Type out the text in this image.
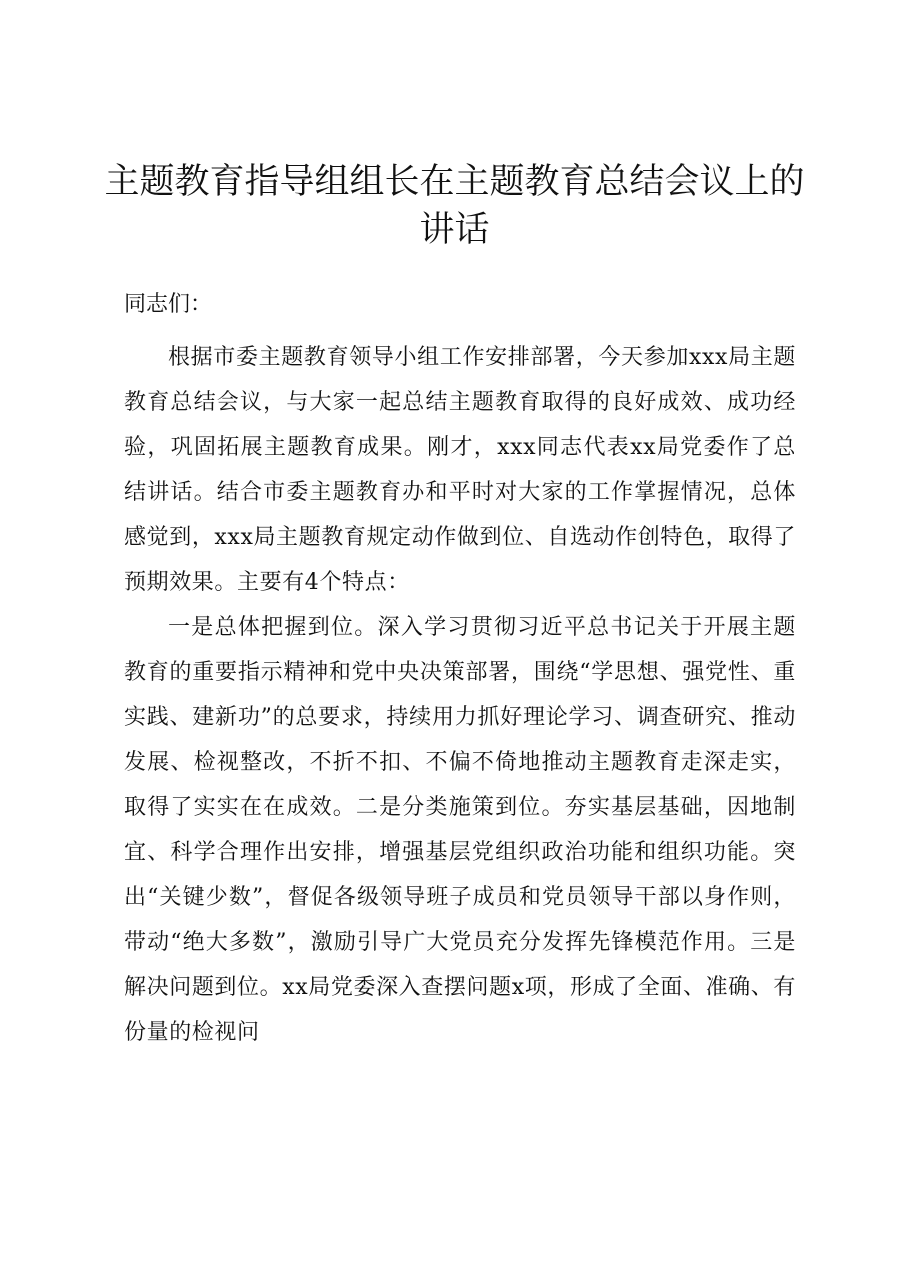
主题教育指导组组长在主题教育总结会议上的讲话

同志们：

根据市委主题教育领导小组工作安排部署，今天参加xxx局主题教育总结会议，与大家一起总结主题教育取得的良好成效、成功经验，巩固拓展主题教育成果。刚才，xxx同志代表xx局党委作了总结讲话。结合市委主题教育办和平时对大家的工作掌握情况，总体感觉到，xxx局主题教育规定动作做到位、自选动作创特色，取得了预期效果。主要有4个特点：

一是总体把握到位。深入学习贯彻习近平总书记关于开展主题教育的重要指示精神和党中央决策部署，围绕“学思想、强党性、重实践、建新功”的总要求，持续用力抓好理论学习、调查研究、推动发展、检视整改，不折不扣、不偏不倚地推动主题教育走深走实，取得了实实在在成效。二是分类施策到位。夯实基层基础，因地制宜、科学合理作出安排，增强基层党组织政治功能和组织功能。突出“关键少数”，督促各级领导班子成员和党员领导干部以身作则，带动“绝大多数”，激励引导广大党员充分发挥先锋模范作用。三是解决问题到位。xx局党委深入查摆问题x项，形成了全面、准确、有份量的检视问
